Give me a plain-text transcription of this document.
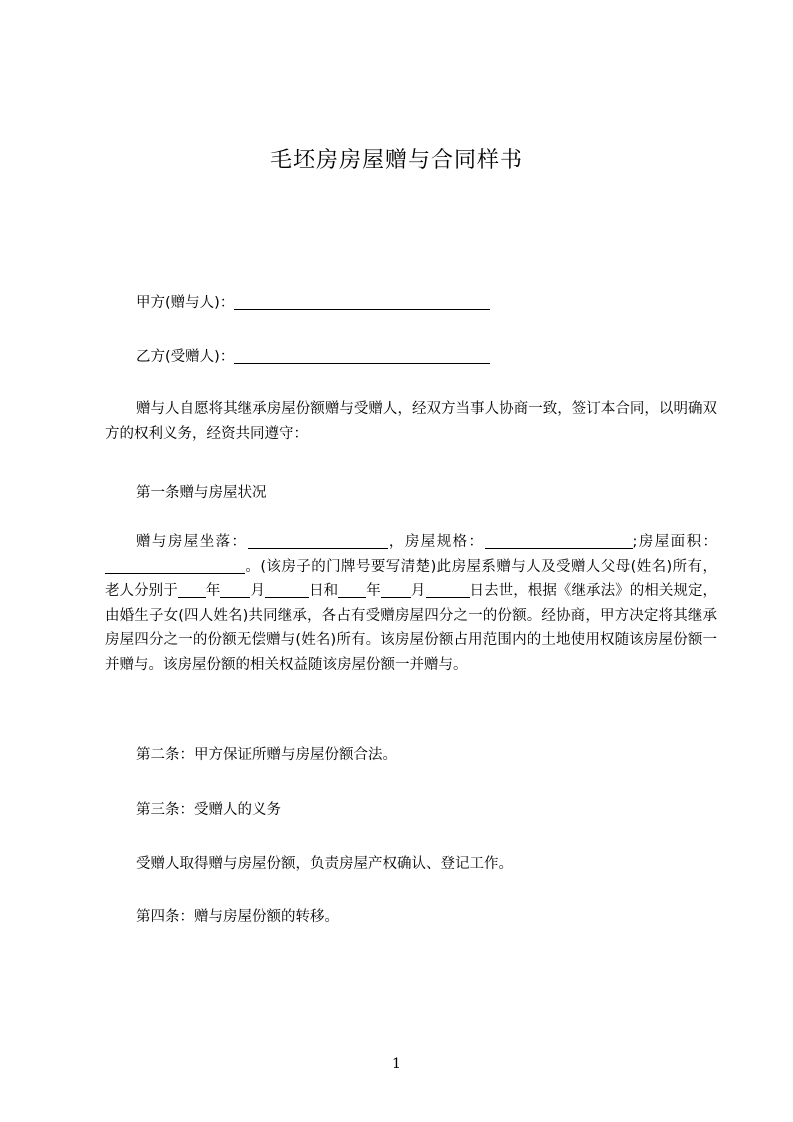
毛坯房房屋赠与合同样书
甲方(赠与人)：
乙方(受赠人)：
赠与人自愿将其继承房屋份额赠与受赠人，经双方当事人协商一致，签订本合同，以明确双方的权利义务，经资共同遵守：
第一条赠与房屋状况
赠与房屋坐落：	，房屋规格：	;房屋面积：。(该房子的门牌号要写清楚)此房屋系赠与人及受赠人父母(姓名)所有，老人分别于 年 月	日和 年 月	日去世，根据《继承法》的相关规定，由婚生子女(四人姓名)共同继承，各占有受赠房屋四分之一的份额。经协商，甲方决定将其继承房屋四分之一的份额无偿赠与(姓名)所有。该房屋份额占用范围内的土地使用权随该房屋份额一并赠与。该房屋份额的相关权益随该房屋份额一并赠与。
第二条：甲方保证所赠与房屋份额合法。
第三条：受赠人的义务
受赠人取得赠与房屋份额，负责房屋产权确认、登记工作。
第四条：赠与房屋份额的转移。
1
